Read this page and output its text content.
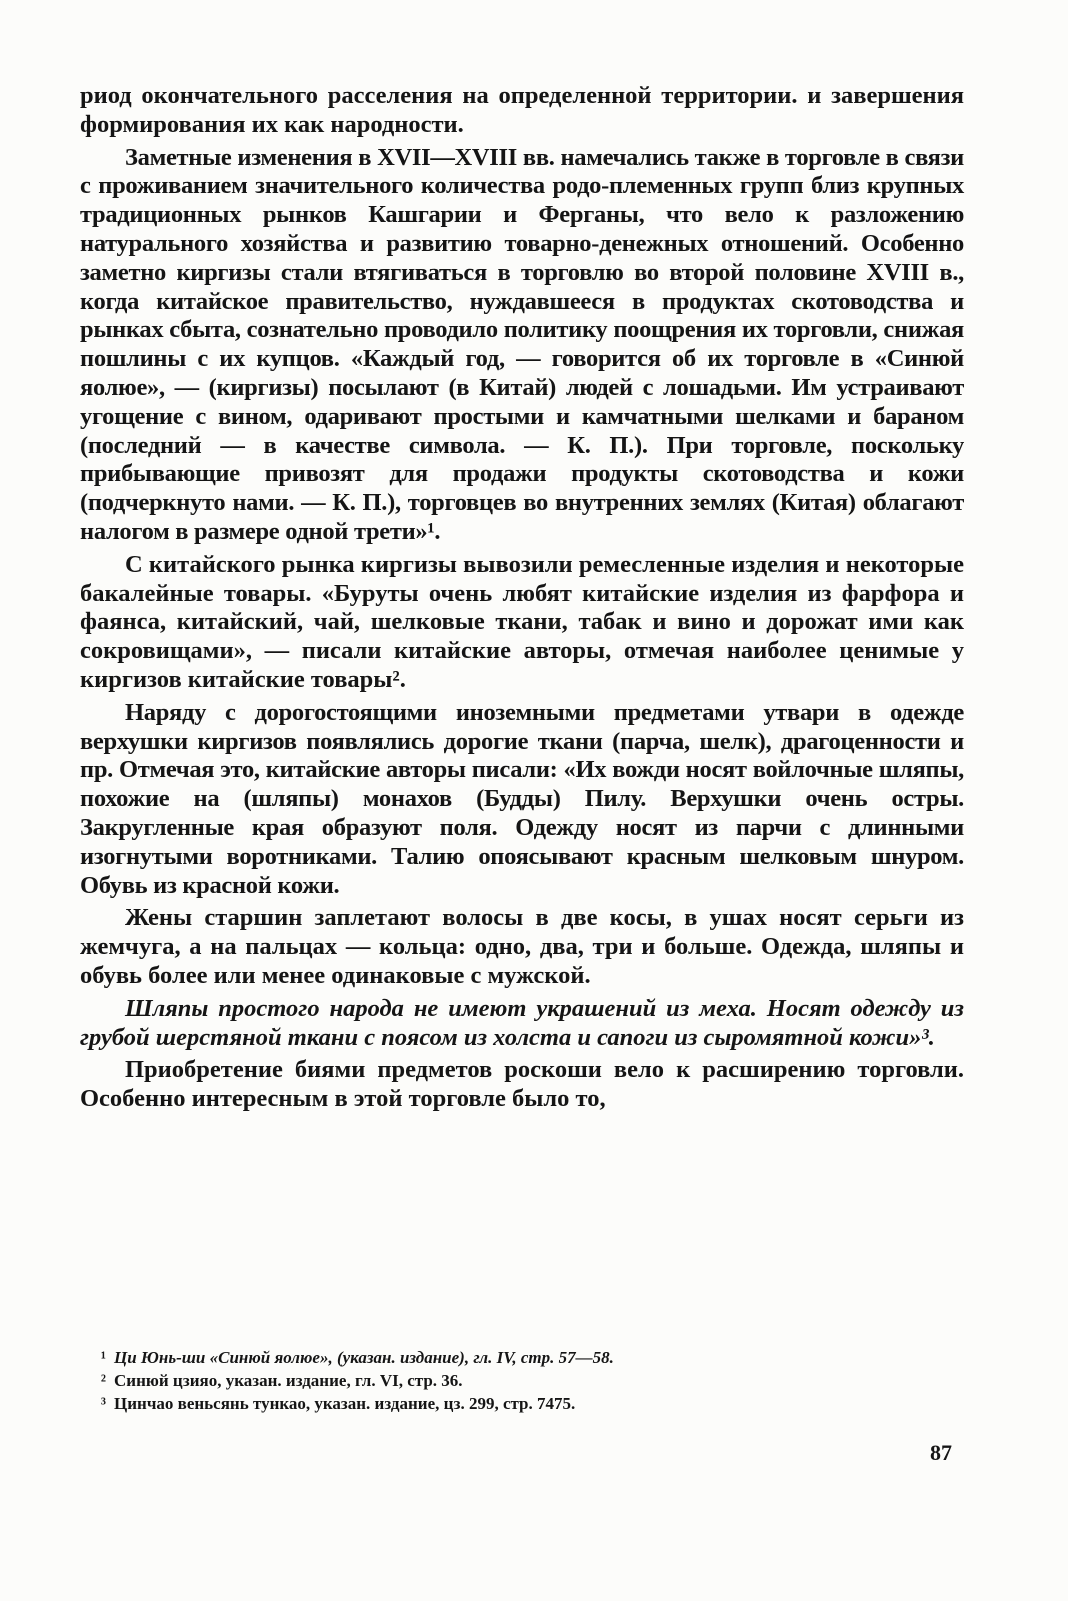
риод окончательного расселения на определенной территории. и завершения формирования их как народности.

Заметные изменения в XVII—XVIII вв. намечались также в торговле в связи с проживанием значительного количества родо-племенных групп близ крупных традиционных рынков Кашгарии и Ферганы, что вело к разложению натурального хозяйства и развитию товарно-денежных отношений. Особенно заметно киргизы стали втягиваться в торговлю во второй половине XVIII в., когда китайское правительство, нуждавшееся в продуктах скотоводства и рынках сбыта, сознательно проводило политику поощрения их торговли, снижая пошлины с их купцов. «Каждый год, — говорится об их торговле в «Синюй яолюе», — (киргизы) посылают (в Китай) людей с лошадьми. Им устраивают угощение с вином, одаривают простыми и камчатными шелками и бараном (последний — в качестве символа. — К. П.). При торговле, поскольку прибывающие привозят для продажи продукты скотоводства и кожи (подчеркнуто нами. — К. П.), торговцев во внутренних землях (Китая) облагают налогом в размере одной трети»¹.

С китайского рынка киргизы вывозили ремесленные изделия и некоторые бакалейные товары. «Буруты очень любят китайские изделия из фарфора и фаянса, китайский, чай, шелковые ткани, табак и вино и дорожат ими как сокровищами», — писали китайские авторы, отмечая наиболее ценимые у киргизов китайские товары².

Наряду с дорогостоящими иноземными предметами утвари в одежде верхушки киргизов появлялись дорогие ткани (парча, шелк), драгоценности и пр. Отмечая это, китайские авторы писали: «Их вожди носят войлочные шляпы, похожие на (шляпы) монахов (Будды) Пилу. Верхушки очень остры. Закругленные края образуют поля. Одежду носят из парчи с длинными изогнутыми воротниками. Талию опоясывают красным шелковым шнуром. Обувь из красной кожи.

Жены старшин заплетают волосы в две косы, в ушах носят серьги из жемчуга, а на пальцах — кольца: одно, два, три и больше. Одежда, шляпы и обувь более или менее одинаковые с мужской.

Шляпы простого народа не имеют украшений из меха. Носят одежду из грубой шерстяной ткани с поясом из холста и сапоги из сыромятной кожи»³.

Приобретение биями предметов роскоши вело к расширению торговли. Особенно интересным в этой торговле было то,

¹ Ци Юнь-ши «Синюй яолюе», (указан. издание), гл. IV, стр. 57—58.

² Синюй цзияо, указан. издание, гл. VI, стр. 36.

³ Цинчао веньсянь тункао, указан. издание, цз. 299, стр. 7475.

87
